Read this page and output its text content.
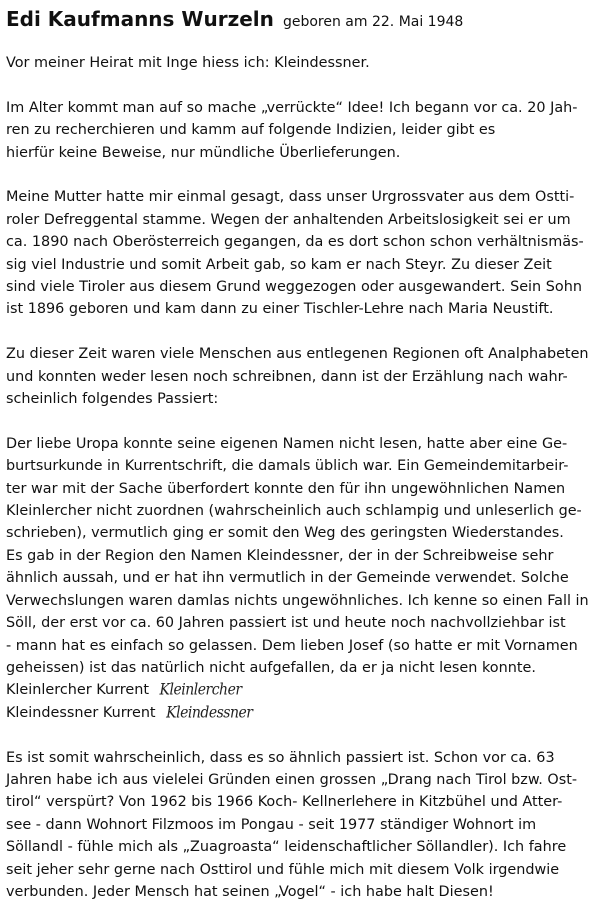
Edi Kaufmanns Wurzeln geboren am 22. Mai 1948
Vor meiner Heirat mit Inge hiess ich: Kleindessner.
Im Alter kommt man auf so mache „verrückte“ Idee! Ich begann vor ca. 20 Jah-
ren zu recherchieren und kamm auf folgende Indizien, leider gibt es
hierfür keine Beweise, nur mündliche Überlieferungen.
Meine Mutter hatte mir einmal gesagt, dass unser Urgrossvater aus dem Ostti-
roler Defreggental stamme. Wegen der anhaltenden Arbeitslosigkeit sei er um
ca. 1890 nach Oberösterreich gegangen, da es dort schon schon verhältnismäs-
sig viel Industrie und somit Arbeit gab, so kam er nach Steyr. Zu dieser Zeit
sind viele Tiroler aus diesem Grund weggezogen oder ausgewandert. Sein Sohn
ist 1896 geboren und kam dann zu einer Tischler-Lehre nach Maria Neustift.
Zu dieser Zeit waren viele Menschen aus entlegenen Regionen oft Analphabeten
und konnten weder lesen noch schreibnen, dann ist der Erzählung nach wahr-
scheinlich folgendes Passiert:
Der liebe Uropa konnte seine eigenen Namen nicht lesen, hatte aber eine Ge-
burtsurkunde in Kurrentschrift, die damals üblich war. Ein Gemeindemitarbeir-
ter war mit der Sache überfordert konnte den für ihn ungewöhnlichen Namen
Kleinlercher nicht zuordnen (wahrscheinlich auch schlampig und unleserlich ge-
schrieben), vermutlich ging er somit den Weg des geringsten Wiederstandes.
Es gab in der Region den Namen Kleindessner, der in der Schreibweise sehr
ähnlich aussah, und er hat ihn vermutlich in der Gemeinde verwendet. Solche
Verwechslungen waren damlas nichts ungewöhnliches. Ich kenne so einen Fall in
Söll, der erst vor ca. 60 Jahren passiert ist und heute noch nachvollziehbar ist
- mann hat es einfach so gelassen. Dem lieben Josef (so hatte er mit Vornamen
geheissen) ist das natürlich nicht aufgefallen, da er ja nicht lesen konnte.
Kleinlercher Kurrent Kleinlercher
Kleindessner Kurrent Kleindessner
Es ist somit wahrscheinlich, dass es so ähnlich passiert ist. Schon vor ca. 63
Jahren habe ich aus vielelei Gründen einen grossen „Drang nach Tirol bzw. Ost-
tirol“ verspürt? Von 1962 bis 1966 Koch- Kellnerlehere in Kitzbühel und Atter-
see - dann Wohnort Filzmoos im Pongau - seit 1977 ständiger Wohnort im
Söllandl - fühle mich als „Zuagroasta“ leidenschaftlicher Söllandler). Ich fahre
seit jeher sehr gerne nach Osttirol und fühle mich mit diesem Volk irgendwie
verbunden. Jeder Mensch hat seinen „Vogel“ - ich habe halt Diesen!
